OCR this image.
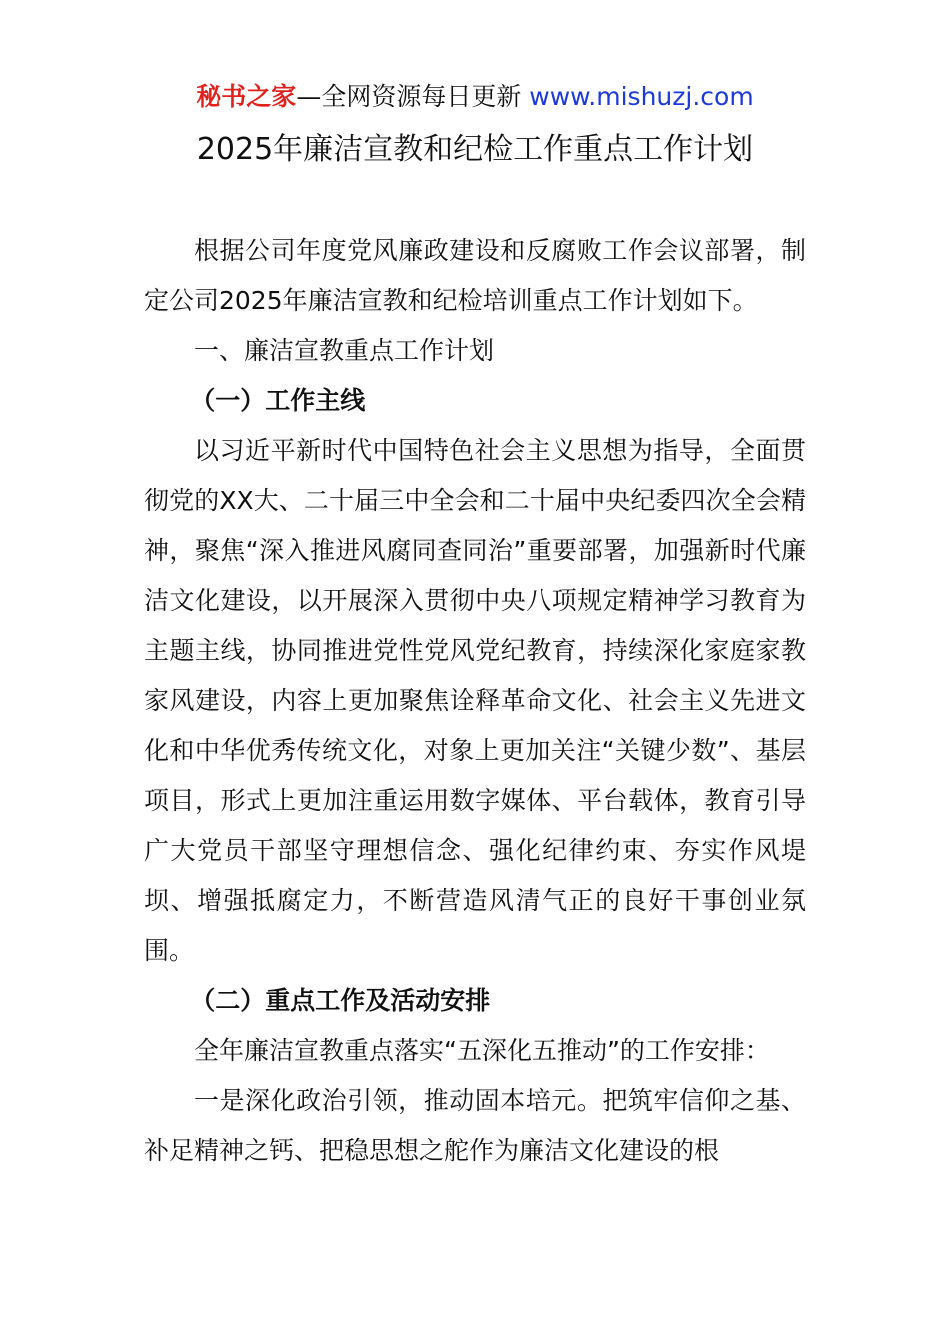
秘书之家—全网资源每日更新 www.mishuzj.com
2025年廉洁宣教和纪检工作重点工作计划

根据公司年度党风廉政建设和反腐败工作会议部署，制定公司2025年廉洁宣教和纪检培训重点工作计划如下。

一、廉洁宣教重点工作计划

（一）工作主线

以习近平新时代中国特色社会主义思想为指导，全面贯彻党的XX大、二十届三中全会和二十届中央纪委四次全会精神，聚焦“深入推进风腐同查同治”重要部署，加强新时代廉洁文化建设，以开展深入贯彻中央八项规定精神学习教育为主题主线，协同推进党性党风党纪教育，持续深化家庭家教家风建设，内容上更加聚焦诠释革命文化、社会主义先进文化和中华优秀传统文化，对象上更加关注“关键少数”、基层项目，形式上更加注重运用数字媒体、平台载体，教育引导广大党员干部坚守理想信念、强化纪律约束、夯实作风堤坝、增强抵腐定力，不断营造风清气正的良好干事创业氛围。

（二）重点工作及活动安排

全年廉洁宣教重点落实“五深化五推动”的工作安排：

一是深化政治引领，推动固本培元。把筑牢信仰之基、补足精神之钙、把稳思想之舵作为廉洁文化建设的根
